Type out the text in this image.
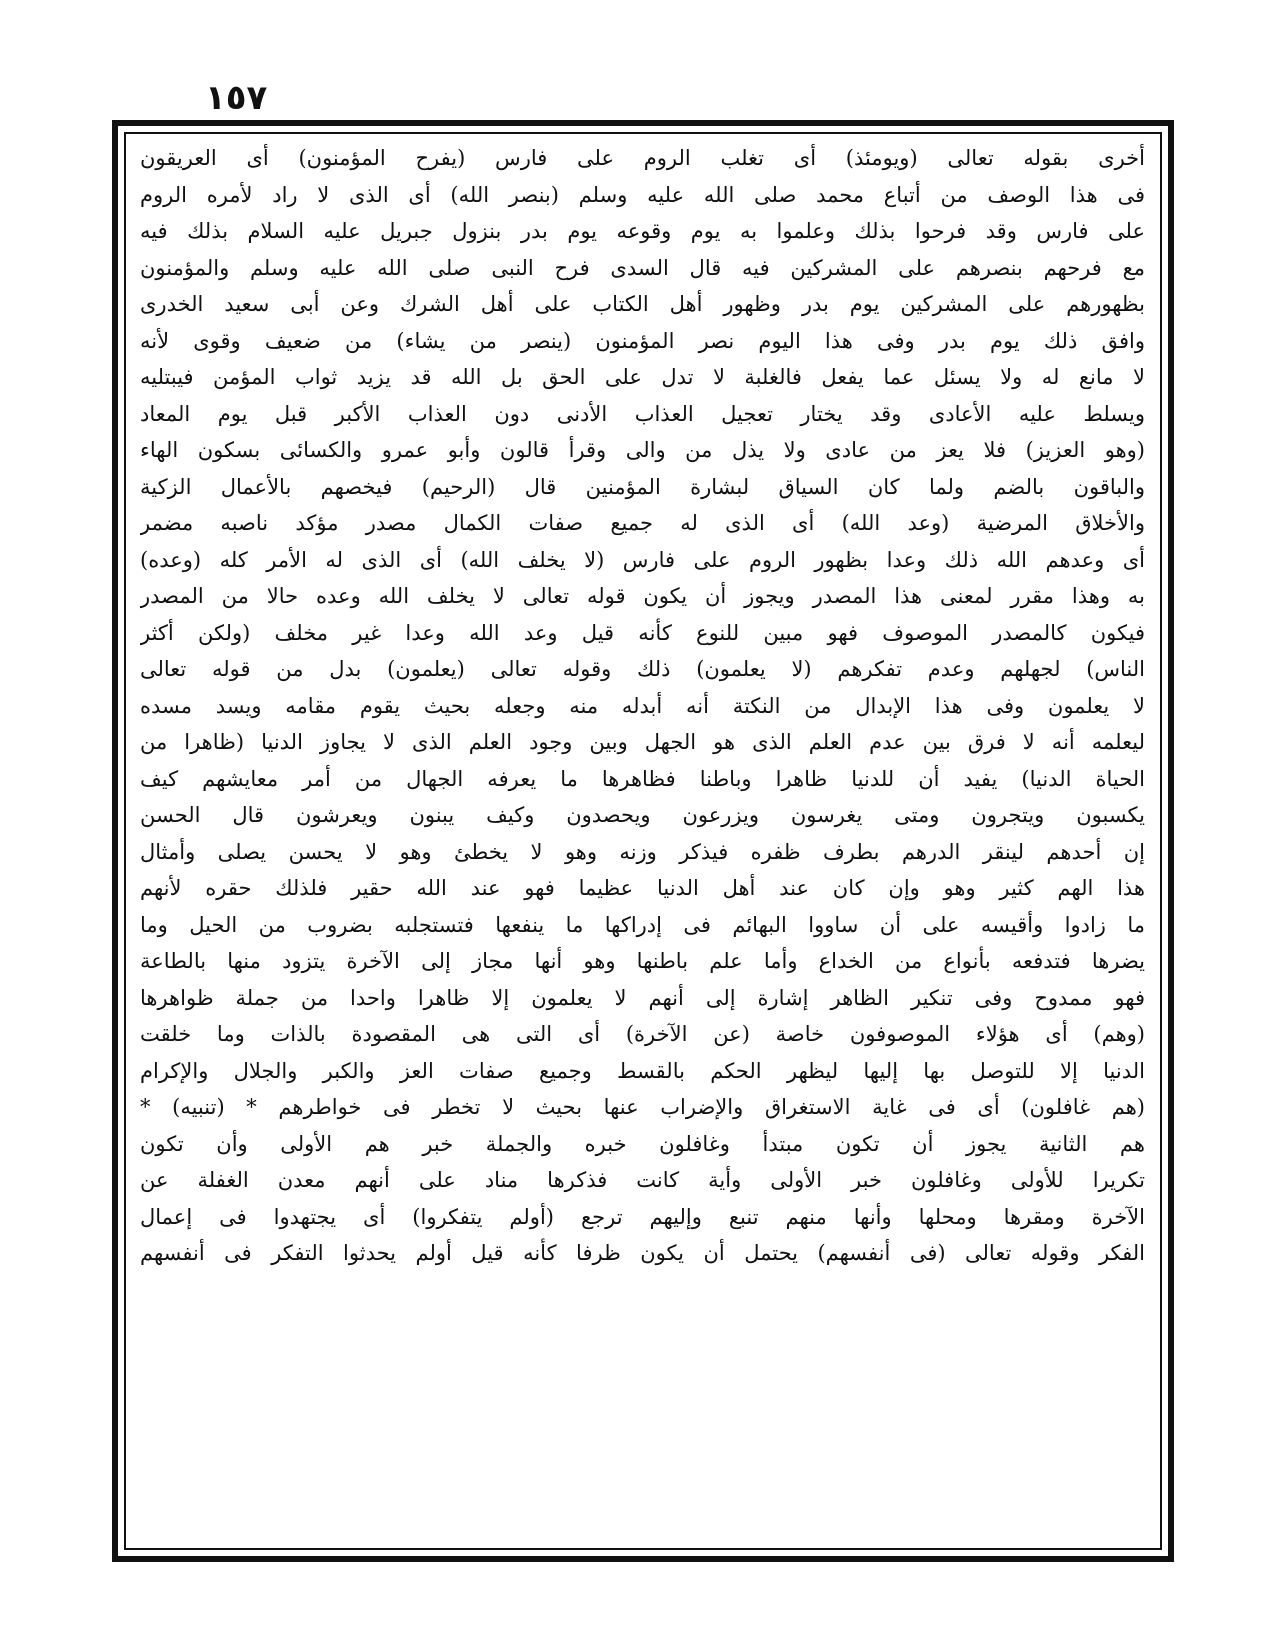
١٥٧
أخرى بقوله تعالى (ويومئذ) أى تغلب الروم على فارس (يفرح المؤمنون) أى العريقون
فى هذا الوصف من أتباع محمد صلى الله عليه وسلم (بنصر الله) أى الذى لا راد لأمره الروم
على فارس وقد فرحوا بذلك وعلموا به يوم وقوعه يوم بدر بنزول جبريل عليه السلام بذلك فيه
مع فرحهم بنصرهم على المشركين فيه قال السدى فرح النبى صلى الله عليه وسلم والمؤمنون
بظهورهم على المشركين يوم بدر وظهور أهل الكتاب على أهل الشرك وعن أبى سعيد الخدرى
وافق ذلك يوم بدر وفى هذا اليوم نصر المؤمنون (ينصر من يشاء) من ضعيف وقوى لأنه
لا مانع له ولا يسئل عما يفعل فالغلبة لا تدل على الحق بل الله قد يزيد ثواب المؤمن فيبتليه
ويسلط عليه الأعادى وقد يختار تعجيل العذاب الأدنى دون العذاب الأكبر قبل يوم المعاد
(وهو العزيز) فلا يعز من عادى ولا يذل من والى وقرأ قالون وأبو عمرو والكسائى بسكون الهاء
والباقون بالضم ولما كان السياق لبشارة المؤمنين قال (الرحيم) فيخصهم بالأعمال الزكية
والأخلاق المرضية (وعد الله) أى الذى له جميع صفات الكمال مصدر مؤكد ناصبه مضمر
أى وعدهم الله ذلك وعدا بظهور الروم على فارس (لا يخلف الله) أى الذى له الأمر كله (وعده)
به وهذا مقرر لمعنى هذا المصدر ويجوز أن يكون قوله تعالى لا يخلف الله وعده حالا من المصدر
فيكون كالمصدر الموصوف فهو مبين للنوع كأنه قيل وعد الله وعدا غير مخلف (ولكن أكثر
الناس) لجهلهم وعدم تفكرهم (لا يعلمون) ذلك وقوله تعالى (يعلمون) بدل من قوله تعالى
لا يعلمون وفى هذا الإبدال من النكتة أنه أبدله منه وجعله بحيث يقوم مقامه ويسد مسده
ليعلمه أنه لا فرق بين عدم العلم الذى هو الجهل وبين وجود العلم الذى لا يجاوز الدنيا (ظاهرا من
الحياة الدنيا) يفيد أن للدنيا ظاهرا وباطنا فظاهرها ما يعرفه الجهال من أمر معايشهم كيف
يكسبون ويتجرون ومتى يغرسون ويزرعون ويحصدون وكيف يبنون ويعرشون قال الحسن
إن أحدهم لينقر الدرهم بطرف ظفره فيذكر وزنه وهو لا يخطئ وهو لا يحسن يصلى وأمثال
هذا الهم كثير وهو وإن كان عند أهل الدنيا عظيما فهو عند الله حقير فلذلك حقره لأنهم
ما زادوا وأقيسه على أن ساووا البهائم فى إدراكها ما ينفعها فتستجلبه بضروب من الحيل وما
يضرها فتدفعه بأنواع من الخداع وأما علم باطنها وهو أنها مجاز إلى الآخرة يتزود منها بالطاعة
فهو ممدوح وفى تنكير الظاهر إشارة إلى أنهم لا يعلمون إلا ظاهرا واحدا من جملة ظواهرها
(وهم) أى هؤلاء الموصوفون خاصة (عن الآخرة) أى التى هى المقصودة بالذات وما خلقت
الدنيا إلا للتوصل بها إليها ليظهر الحكم بالقسط وجميع صفات العز والكبر والجلال والإكرام
(هم غافلون) أى فى غاية الاستغراق والإضراب عنها بحيث لا تخطر فى خواطرهم * (تنبيه) *
هم الثانية يجوز أن تكون مبتدأ وغافلون خبره والجملة خبر هم الأولى وأن تكون
تكريرا للأولى وغافلون خبر الأولى وأية كانت فذكرها مناد على أنهم معدن الغفلة عن
الآخرة ومقرها ومحلها وأنها منهم تنبع وإليهم ترجع (أولم يتفكروا) أى يجتهدوا فى إعمال
الفكر وقوله تعالى (فى أنفسهم) يحتمل أن يكون ظرفا كأنه قيل أولم يحدثوا التفكر فى أنفسهم
